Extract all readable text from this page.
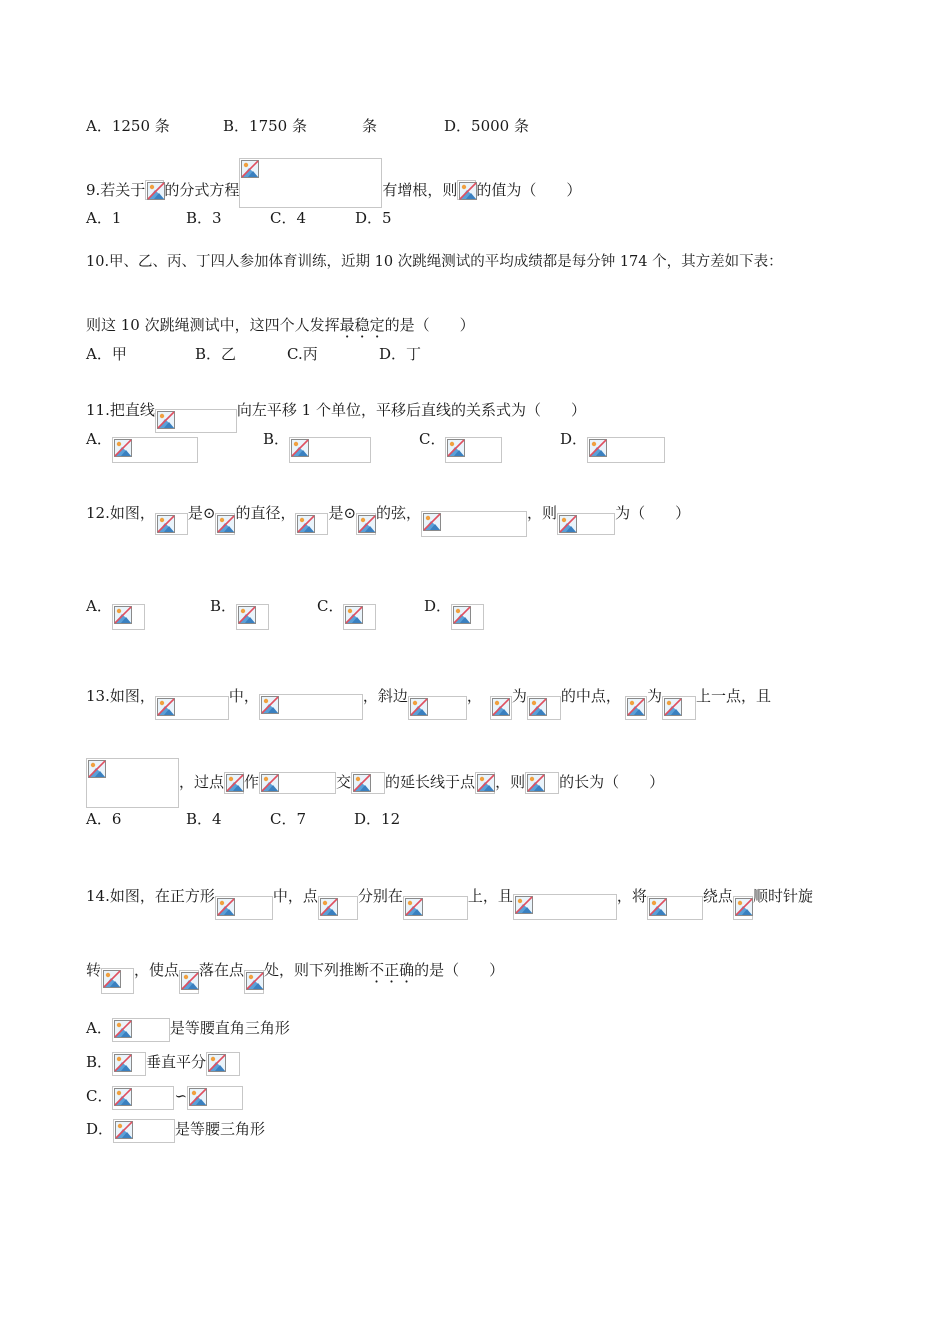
A．1250 条	B．1750 条	条	D．5000 条
9.若关于 的分式方程	有增根，则 的值为（　　）
A．1	B．3	C．4	D．5
10.甲、乙、丙、丁四人参加体育训练，近期 10 次跳绳测试的平均成绩都是每分钟 174 个，其方差如下表：
则这 10 次跳绳测试中，这四个人发挥 最稳定 的是（　　）
A．甲	B．乙	C.丙	D．丁
11.把直线	向左平移 1 个单位，平移后直线的关系式为（　　）
A．	B．	C．	D．
12.如图， 是⊙ 的直径， 是⊙ 的弦，	，则	为（　　）
A．	B．	C．	D．
13.如图，	中，	，斜边	， 为 的中点， 为 上一点，且
，过点 作	交 的延长线于点 ，则 的长为（　　）
A．6	B．4	C．7	D．12
14.如图，在正方形	中，点	分别在	上，且	，将	绕点 顺时针旋
转 ，使点 落在点 处，则下列推断 不正确 的是（　　）
A．	是等腰直角三角形
B． 垂直平分
C．	∽
D．	是等腰三角形
